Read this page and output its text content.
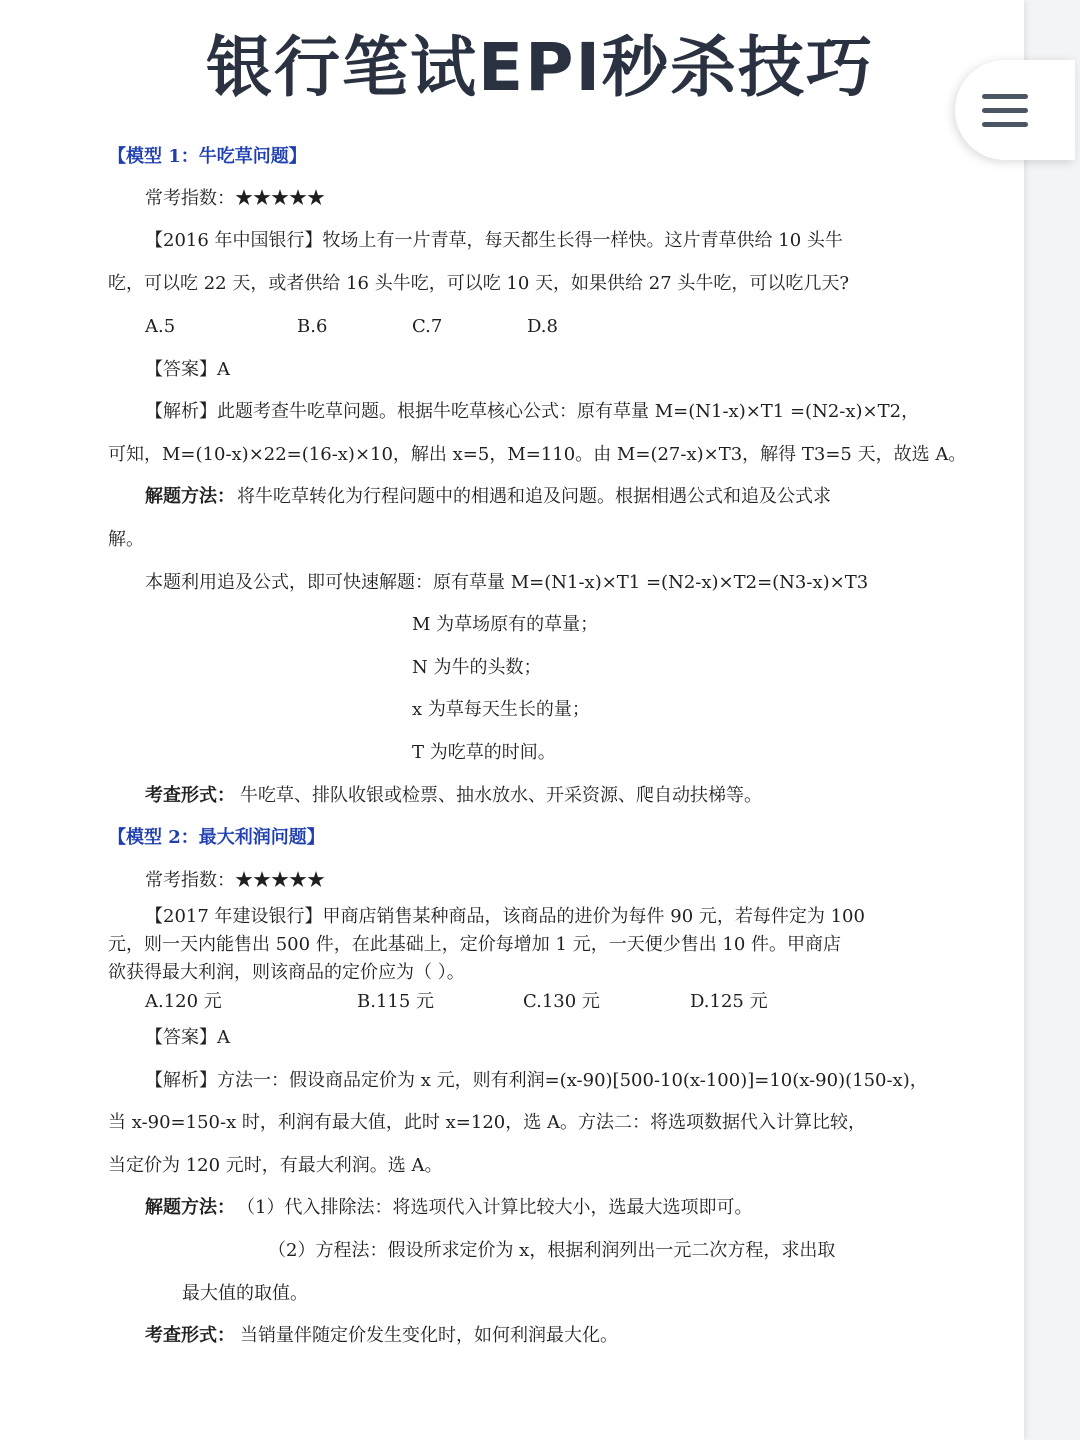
银行笔试EPI秒杀技巧
【模型 1：牛吃草问题】
常考指数：★★★★★
【2016 年中国银行】牧场上有一片青草，每天都生长得一样快。这片青草供给 10 头牛
吃，可以吃 22 天，或者供给 16 头牛吃，可以吃 10 天，如果供给 27 头牛吃，可以吃几天?
A.5	B.6	C.7	D.8
【答案】A
【解析】此题考查牛吃草问题。根据牛吃草核心公式：原有草量 M=(N1-x)×T1 =(N2-x)×T2，
可知，M=(10-x)×22=(16-x)×10，解出 x=5，M=110。由 M=(27-x)×T3，解得 T3=5 天，故选 A。
解题方法： 将牛吃草转化为行程问题中的相遇和追及问题。根据相遇公式和追及公式求
解。
本题利用追及公式，即可快速解题：原有草量 M=(N1-x)×T1 =(N2-x)×T2=(N3-x)×T3
M 为草场原有的草量；
N 为牛的头数；
x 为草每天生长的量；
T 为吃草的时间。
考查形式： 牛吃草、排队收银或检票、抽水放水、开采资源、爬自动扶梯等。
【模型 2：最大利润问题】
常考指数：★★★★★
【2017 年建设银行】甲商店销售某种商品，该商品的进价为每件 90 元，若每件定为 100
元，则一天内能售出 500 件，在此基础上，定价每增加 1 元，一天便少售出 10 件。甲商店
欲获得最大利润，则该商品的定价应为（ ）。
A.120 元	B.115 元	C.130 元	D.125 元
【答案】A
【解析】方法一：假设商品定价为 x 元，则有利润=(x-90)[500-10(x-100)]=10(x-90)(150-x)，
当 x-90=150-x 时，利润有最大值，此时 x=120，选 A。方法二：将选项数据代入计算比较，
当定价为 120 元时，有最大利润。选 A。
解题方法： （1）代入排除法：将选项代入计算比较大小，选最大选项即可。
（2）方程法：假设所求定价为 x，根据利润列出一元二次方程，求出取
最大值的取值。
考查形式： 当销量伴随定价发生变化时，如何利润最大化。
